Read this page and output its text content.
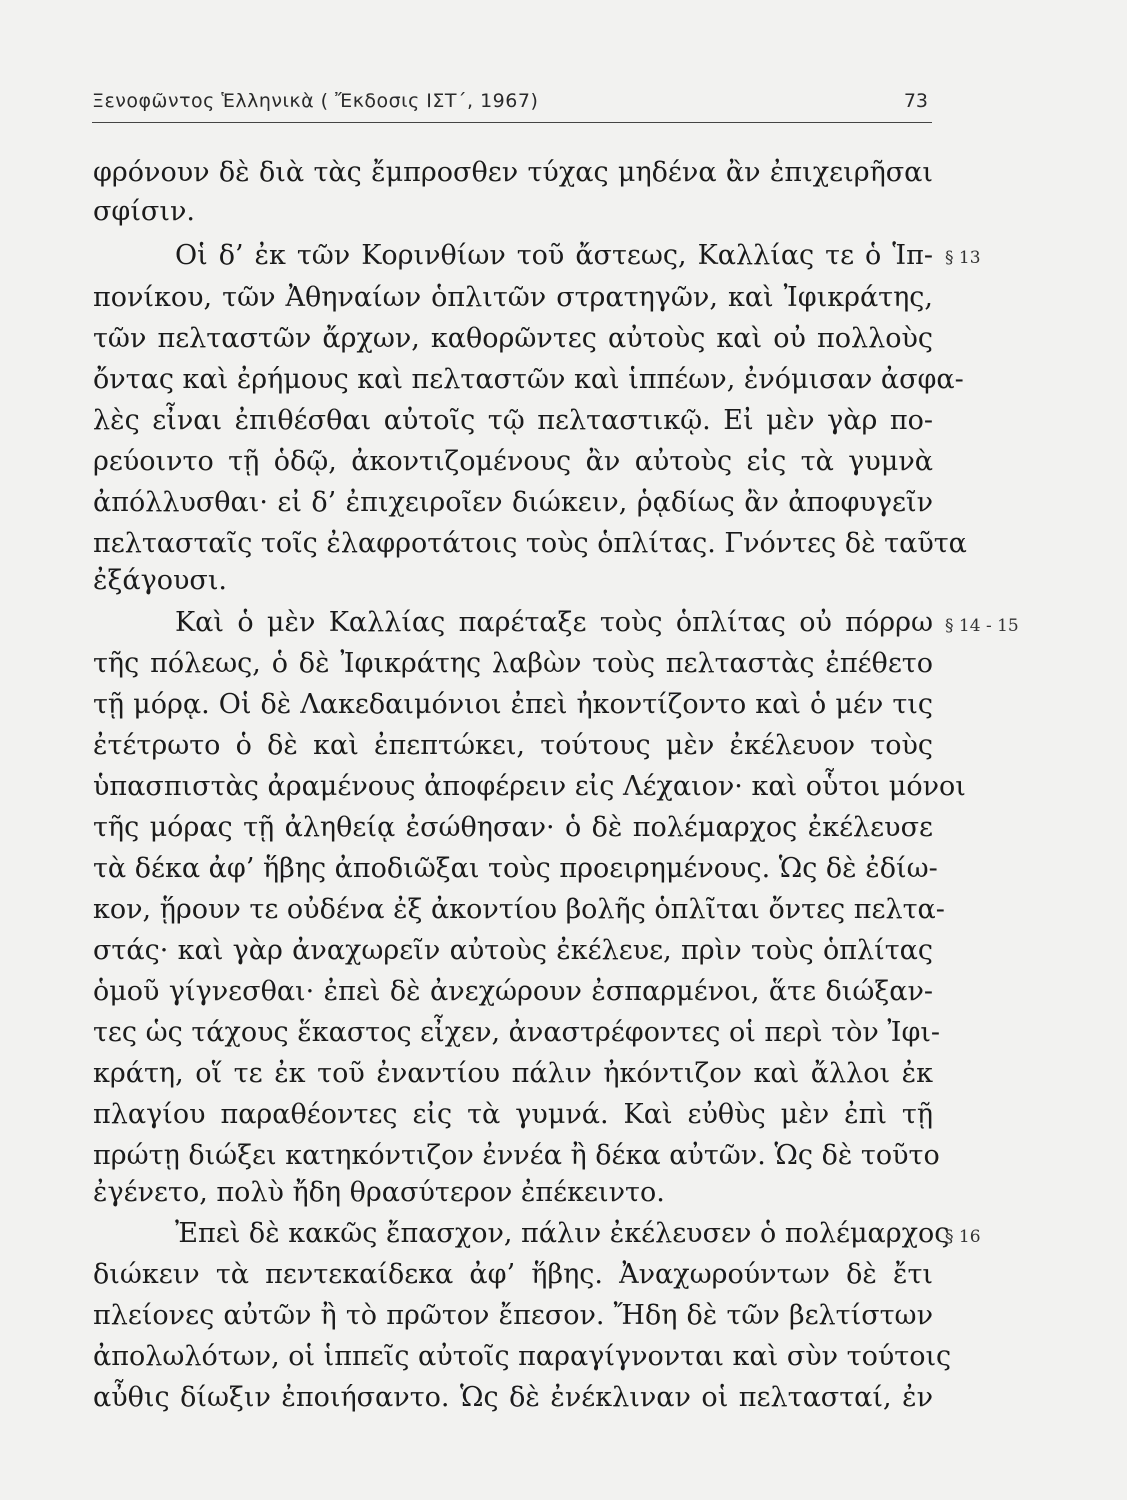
Ξενοφῶντος Ἑλληνικὰ ( Ἔκδοσις ΙΣΤ΄, 1967)	73
φρόνουν δὲ διὰ τὰς ἔμπροσθεν τύχας μηδένα ἂν ἐπιχειρῆσαι
σφίσιν.
Οἱ δ’ ἐκ τῶν Κορινθίων τοῦ ἄστεως, Καλλίας τε ὁ Ἱπ-
πονίκου, τῶν Ἀθηναίων ὁπλιτῶν στρατηγῶν, καὶ Ἰφικράτης,
τῶν πελταστῶν ἄρχων, καθορῶντες αὐτοὺς καὶ οὐ πολλοὺς
ὄντας καὶ ἐρήμους καὶ πελταστῶν καὶ ἱππέων, ἐνόμισαν ἀσφα-
λὲς εἶναι ἐπιθέσθαι αὐτοῖς τῷ πελταστικῷ. Εἰ μὲν γὰρ πο-
ρεύοιντο τῇ ὁδῷ, ἀκοντιζομένους ἂν αὐτοὺς εἰς τὰ γυμνὰ
ἀπόλλυσθαι· εἰ δ’ ἐπιχειροῖεν διώκειν, ῥᾳδίως ἂν ἀποφυγεῖν
πελτασταῖς τοῖς ἐλαφροτάτοις τοὺς ὁπλίτας. Γνόντες δὲ ταῦτα
ἐξάγουσι.
Καὶ ὁ μὲν Καλλίας παρέταξε τοὺς ὁπλίτας οὐ πόρρω
τῆς πόλεως, ὁ δὲ Ἰφικράτης λαβὼν τοὺς πελταστὰς ἐπέθετο
τῇ μόρᾳ. Οἱ δὲ Λακεδαιμόνιοι ἐπεὶ ἠκοντίζοντο καὶ ὁ μέν τις
ἐτέτρωτο ὁ δὲ καὶ ἐπεπτώκει, τούτους μὲν ἐκέλευον τοὺς
ὑπασπιστὰς ἀραμένους ἀποφέρειν εἰς Λέχαιον· καὶ οὗτοι μόνοι
τῆς μόρας τῇ ἀληθείᾳ ἐσώθησαν· ὁ δὲ πολέμαρχος ἐκέλευσε
τὰ δέκα ἀφ’ ἥβης ἀποδιῶξαι τοὺς προειρημένους. Ὡς δὲ ἐδίω-
κον, ᾕρουν τε οὐδένα ἐξ ἀκοντίου βολῆς ὁπλῖται ὄντες πελτα-
στάς· καὶ γὰρ ἀναχωρεῖν αὐτοὺς ἐκέλευε, πρὶν τοὺς ὁπλίτας
ὁμοῦ γίγνεσθαι· ἐπεὶ δὲ ἀνεχώρουν ἐσπαρμένοι, ἅτε διώξαν-
τες ὡς τάχους ἕκαστος εἶχεν, ἀναστρέφοντες οἱ περὶ τὸν Ἰφι-
κράτη, οἵ τε ἐκ τοῦ ἐναντίου πάλιν ἠκόντιζον καὶ ἄλλοι ἐκ
πλαγίου παραθέοντες εἰς τὰ γυμνά. Καὶ εὐθὺς μὲν ἐπὶ τῇ
πρώτῃ διώξει κατηκόντιζον ἐννέα ἢ δέκα αὐτῶν. Ὡς δὲ τοῦτο
ἐγένετο, πολὺ ἤδη θρασύτερον ἐπέκειντο.
Ἐπεὶ δὲ κακῶς ἔπασχον, πάλιν ἐκέλευσεν ὁ πολέμαρχος
διώκειν τὰ πεντεκαίδεκα ἀφ’ ἥβης. Ἀναχωρούντων δὲ ἔτι
πλείονες αὐτῶν ἢ τὸ πρῶτον ἔπεσον. Ἤδη δὲ τῶν βελτίστων
ἀπολωλότων, οἱ ἱππεῖς αὐτοῖς παραγίγνονται καὶ σὺν τούτοις
αὖθις δίωξιν ἐποιήσαντο. Ὡς δὲ ἐνέκλιναν οἱ πελτασταί, ἐν
§ 13
§ 14 - 15
§ 16
